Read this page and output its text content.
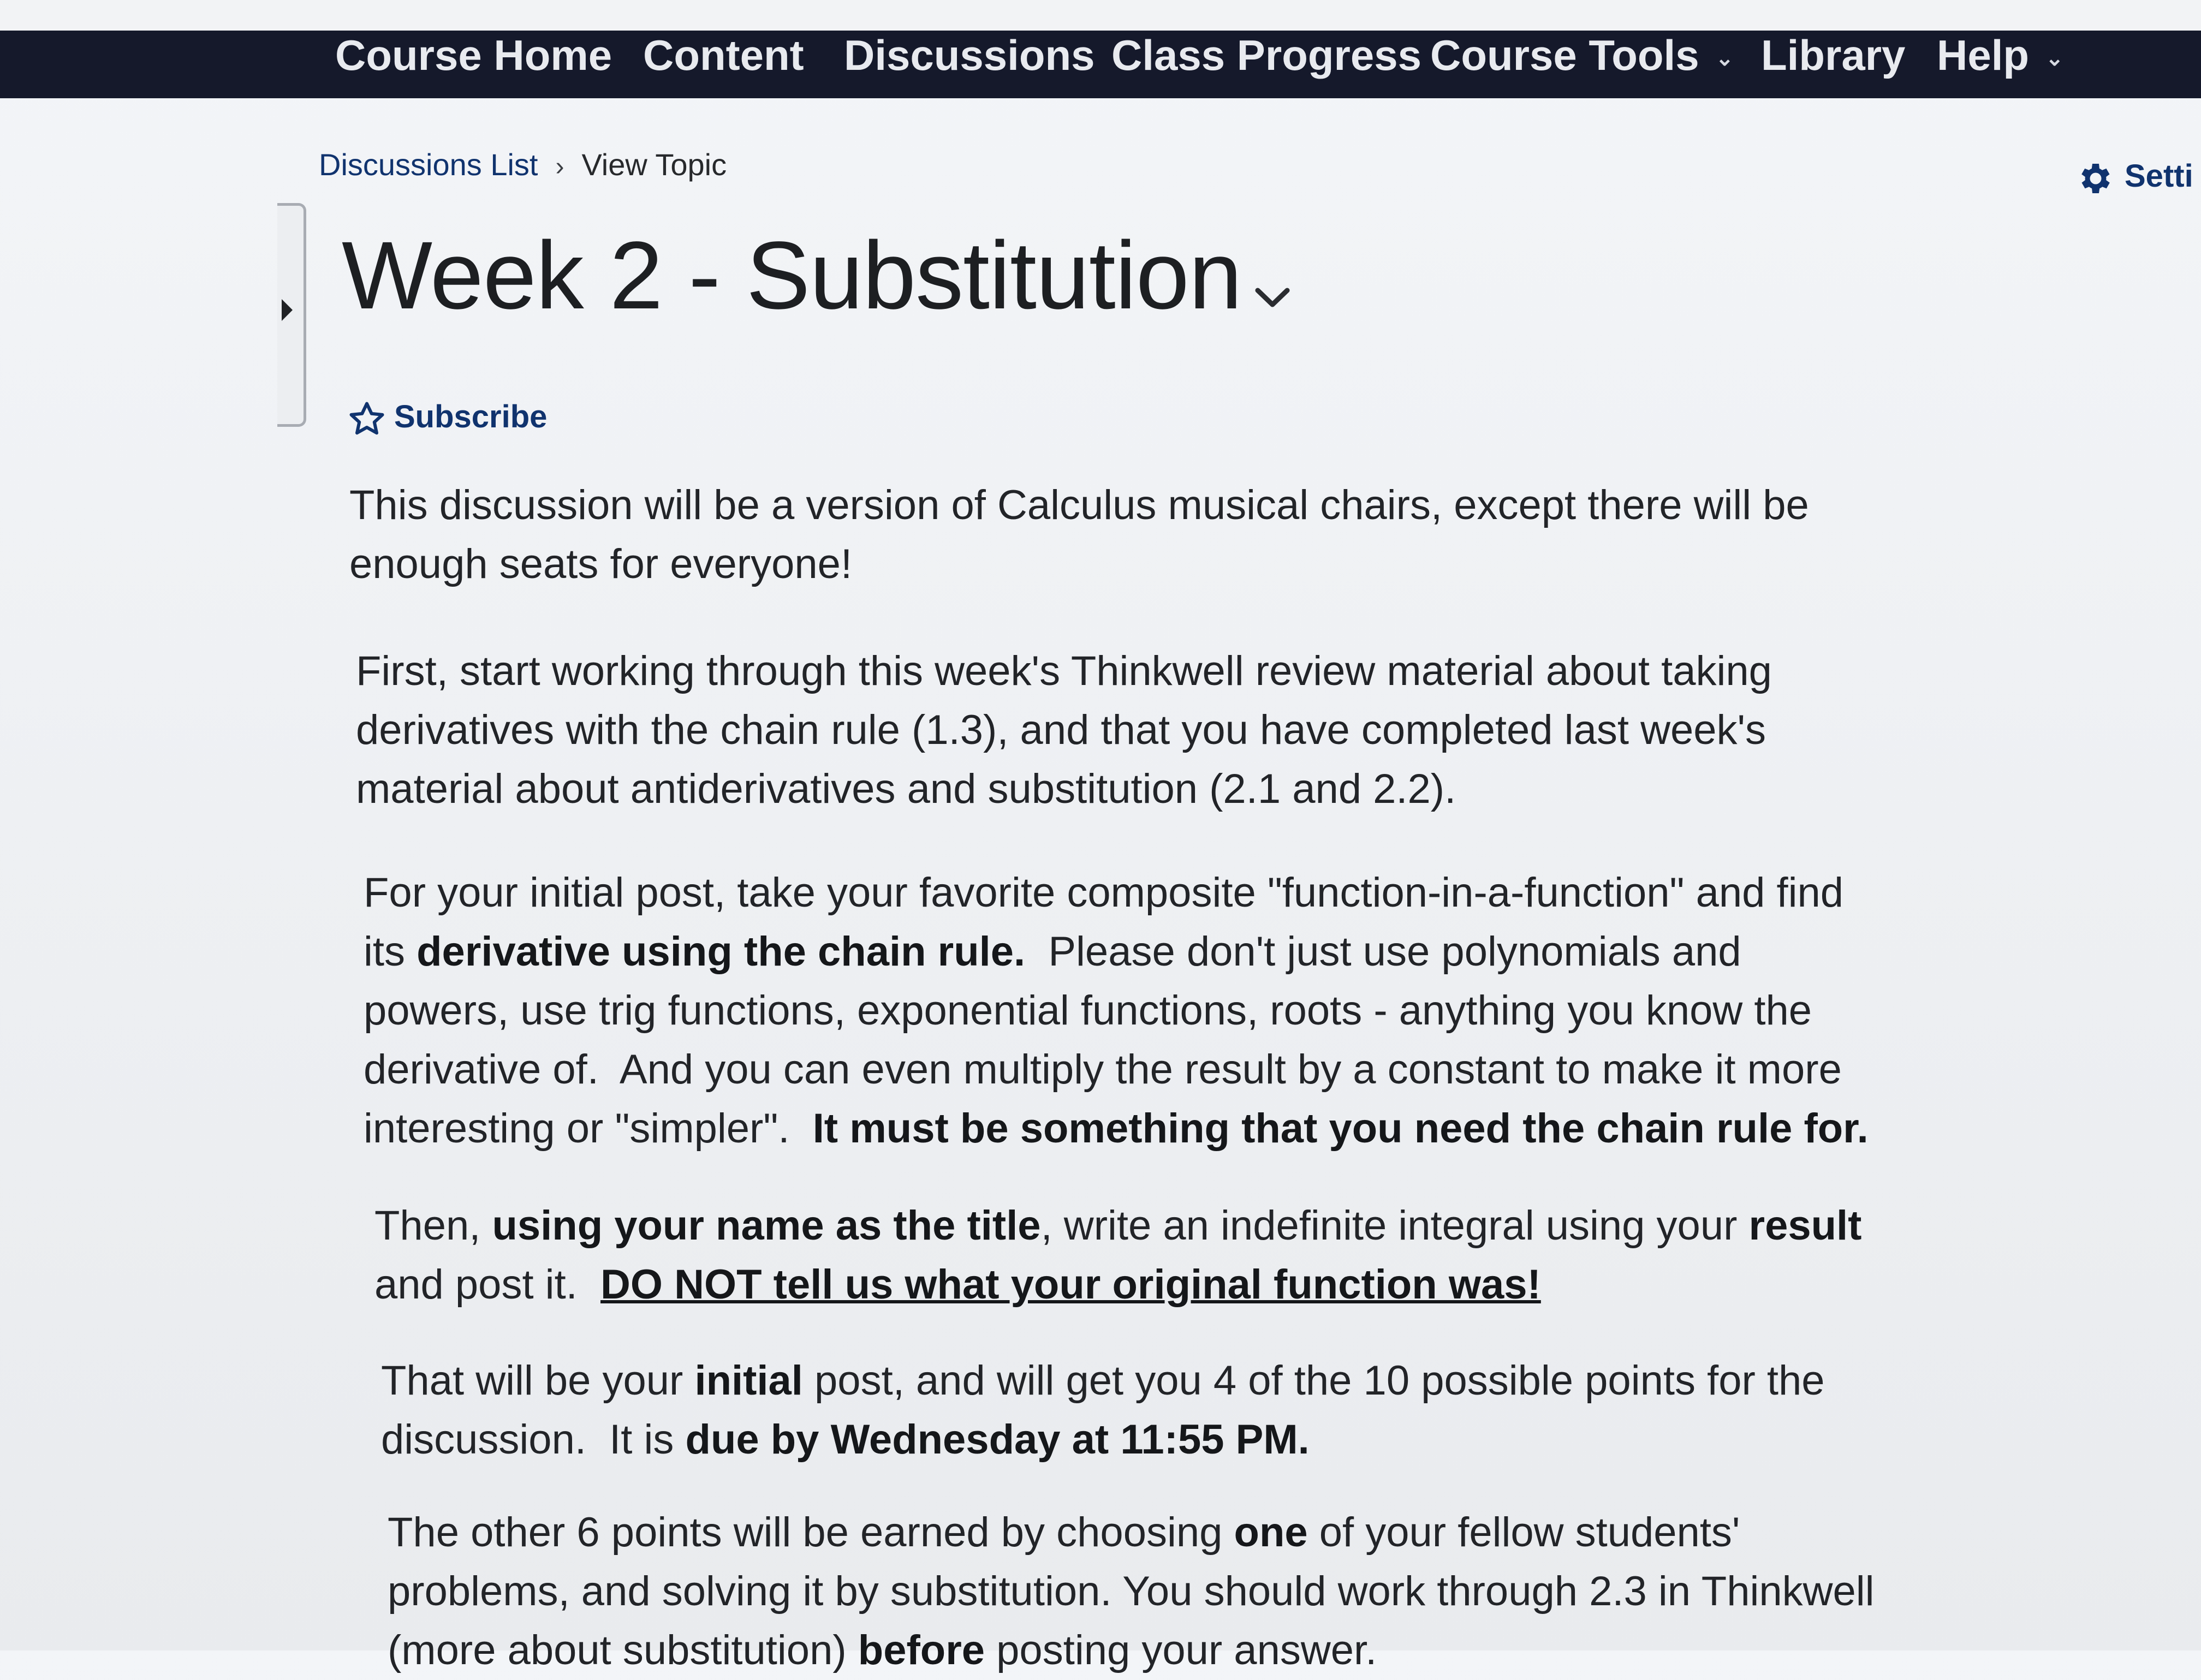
Course Home Content Discussions Class Progress Course Tools ⌄ Library Help ⌄
Discussions List › View Topic	Setti
Week 2 - Substitution
Subscribe
This discussion will be a version of Calculus musical chairs, except there will be enough seats for everyone!
First, start working through this week's Thinkwell review material about taking derivatives with the chain rule (1.3), and that you have completed last week's material about antiderivatives and substitution (2.1 and 2.2).
For your initial post, take your favorite composite "function-in-a-function" and find its derivative using the chain rule.  Please don't just use polynomials and powers, use trig functions, exponential functions, roots - anything you know the derivative of.  And you can even multiply the result by a constant to make it more interesting or "simpler".  It must be something that you need the chain rule for.
Then, using your name as the title, write an indefinite integral using your result and post it.  DO NOT tell us what your original function was!
That will be your initial post, and will get you 4 of the 10 possible points for the discussion.  It is due by Wednesday at 11:55 PM.
The other 6 points will be earned by choosing one of your fellow students' problems, and solving it by substitution. You should work through 2.3 in Thinkwell (more about substitution) before posting your answer.
